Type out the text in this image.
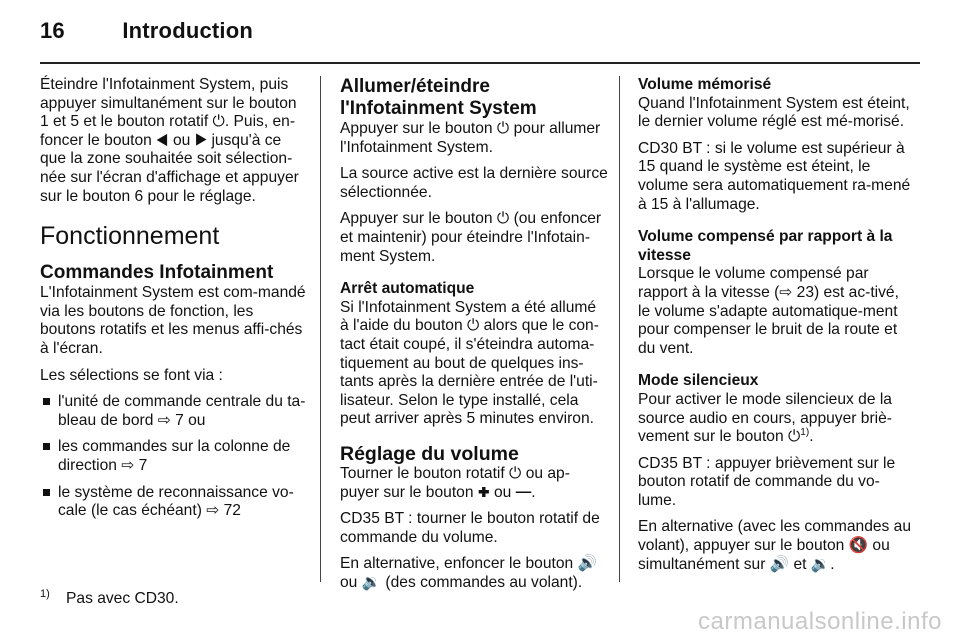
16	Introduction

Éteindre l'Infotainment System, puis appuyer simultanément sur le bouton 1 et 5 et le bouton rotatif ⏻. Puis, en-foncer le bouton ◀ ou ▶ jusqu'à ce que la zone souhaitée soit sélection-née sur l'écran d'affichage et appuyer sur le bouton 6 pour le réglage.

Fonctionnement
Commandes Infotainment

L'Infotainment System est com-mandé via les boutons de fonction, les boutons rotatifs et les menus affi-chés à l'écran.

Les sélections se font via :

l'unité de commande centrale du ta-bleau de bord ⇨ 7 ou
les commandes sur la colonne de direction ⇨ 7
le système de reconnaissance vo-cale (le cas échéant) ⇨ 72
Allumer/éteindre l'Infotainment System

Appuyer sur le bouton ⏻ pour allumer l'Infotainment System.

La source active est la dernière source sélectionnée.

Appuyer sur le bouton ⏻ (ou enfoncer et maintenir) pour éteindre l'Infotain-ment System.

Arrêt automatique

Si l'Infotainment System a été allumé à l'aide du bouton ⏻ alors que le con-tact était coupé, il s'éteindra automa-tiquement au bout de quelques ins-tants après la dernière entrée de l'uti-lisateur. Selon le type installé, cela peut arriver après 5 minutes environ.

Réglage du volume

Tourner le bouton rotatif ⏻ ou ap-puyer sur le bouton ✚ ou ━.

CD35 BT : tourner le bouton rotatif de commande du volume.

En alternative, enfoncer le bouton 🔊 ou 🔉 (des commandes au volant).

Volume mémorisé

Quand l'Infotainment System est éteint, le dernier volume réglé est mé-morisé.

CD30 BT : si le volume est supérieur à 15 quand le système est éteint, le volume sera automatiquement ra-mené à 15 à l'allumage.

Volume compensé par rapport à la vitesse

Lorsque le volume compensé par rapport à la vitesse (⇨ 23) est ac-tivé, le volume s'adapte automatique-ment pour compenser le bruit de la route et du vent.

Mode silencieux

Pour activer le mode silencieux de la source audio en cours, appuyer briè-vement sur le bouton ⏻$^{1)}$.

CD35 BT : appuyer brièvement sur le bouton rotatif de commande du vo-lume.

En alternative (avec les commandes au volant), appuyer sur le bouton 🔇 ou simultanément sur 🔊 et 🔉.

1) Pas avec CD30.
carmanualsonline.info
